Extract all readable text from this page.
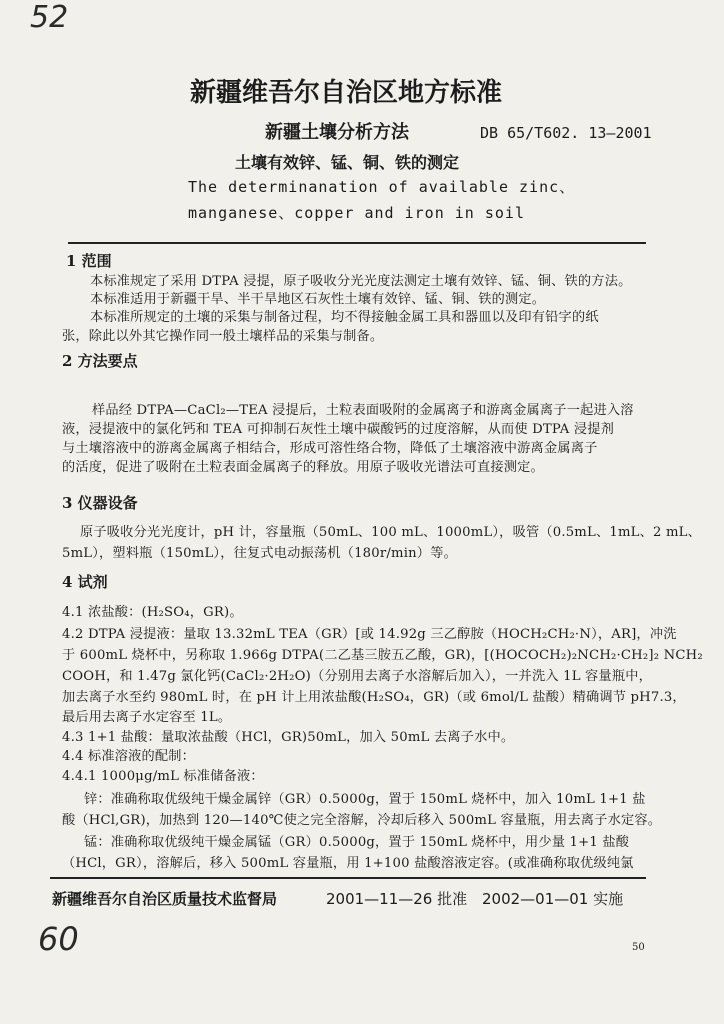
52
60
新疆维吾尔自治区地方标准
新疆土壤分析方法	DB 65/T602. 13—2001
土壤有效锌、锰、铜、铁的测定
The determinanation of available zinc、
manganese、copper and iron in soil
1 范围
本标准规定了采用 DTPA 浸提，原子吸收分光光度法测定土壤有效锌、锰、铜、铁的方法。
本标准适用于新疆干旱、半干旱地区石灰性土壤有效锌、锰、铜、铁的测定。
本标准所规定的土壤的采集与制备过程，均不得接触金属工具和器皿以及印有铅字的纸
张，除此以外其它操作同一般土壤样品的采集与制备。
2 方法要点
样品经 DTPA—CaCl₂—TEA 浸提后，土粒表面吸附的金属离子和游离金属离子一起进入溶
液，浸提液中的氯化钙和 TEA 可抑制石灰性土壤中碳酸钙的过度溶解，从而使 DTPA 浸提剂
与土壤溶液中的游离金属离子相结合，形成可溶性络合物，降低了土壤溶液中游离金属离子
的活度，促进了吸附在土粒表面金属离子的释放。用原子吸收光谱法可直接测定。
3 仪器设备
原子吸收分光光度计，pH 计，容量瓶（50mL、100 mL、1000mL），吸管（0.5mL、1mL、2 mL、
5mL），塑料瓶（150mL），往复式电动振荡机（180r/min）等。
4 试剂
4.1 浓盐酸：(H₂SO₄，GR)。
4.2 DTPA 浸提液：量取 13.32mL TEA（GR）[或 14.92g 三乙醇胺（HOCH₂CH₂·N），AR]，冲洗
于 600mL 烧杯中，另称取 1.966g DTPA(二乙基三胺五乙酸，GR)，[(HOCOCH₂)₂NCH₂·CH₂]₂ NCH₂
COOH，和 1.47g 氯化钙(CaCl₂·2H₂O)（分别用去离子水溶解后加入），一并洗入 1L 容量瓶中，
加去离子水至约 980mL 时，在 pH 计上用浓盐酸(H₂SO₄，GR)（或 6mol/L 盐酸）精确调节 pH7.3，
最后用去离子水定容至 1L。
4.3 1+1 盐酸：量取浓盐酸（HCl，GR)50mL，加入 50mL 去离子水中。
4.4 标准溶液的配制：
4.4.1 1000μg/mL 标准储备液：
锌：准确称取优级纯干燥金属锌（GR）0.5000g，置于 150mL 烧杯中，加入 10mL 1+1 盐
酸（HCl,GR)，加热到 120—140℃使之完全溶解，冷却后移入 500mL 容量瓶，用去离子水定容。
锰：准确称取优级纯干燥金属锰（GR）0.5000g，置于 150mL 烧杯中，用少量 1+1 盐酸
（HCl，GR），溶解后，移入 500mL 容量瓶，用 1+100 盐酸溶液定容。(或准确称取优级纯氯
新疆维吾尔自治区质量技术监督局	2001—11—26 批准 2002—01—01 实施
50
